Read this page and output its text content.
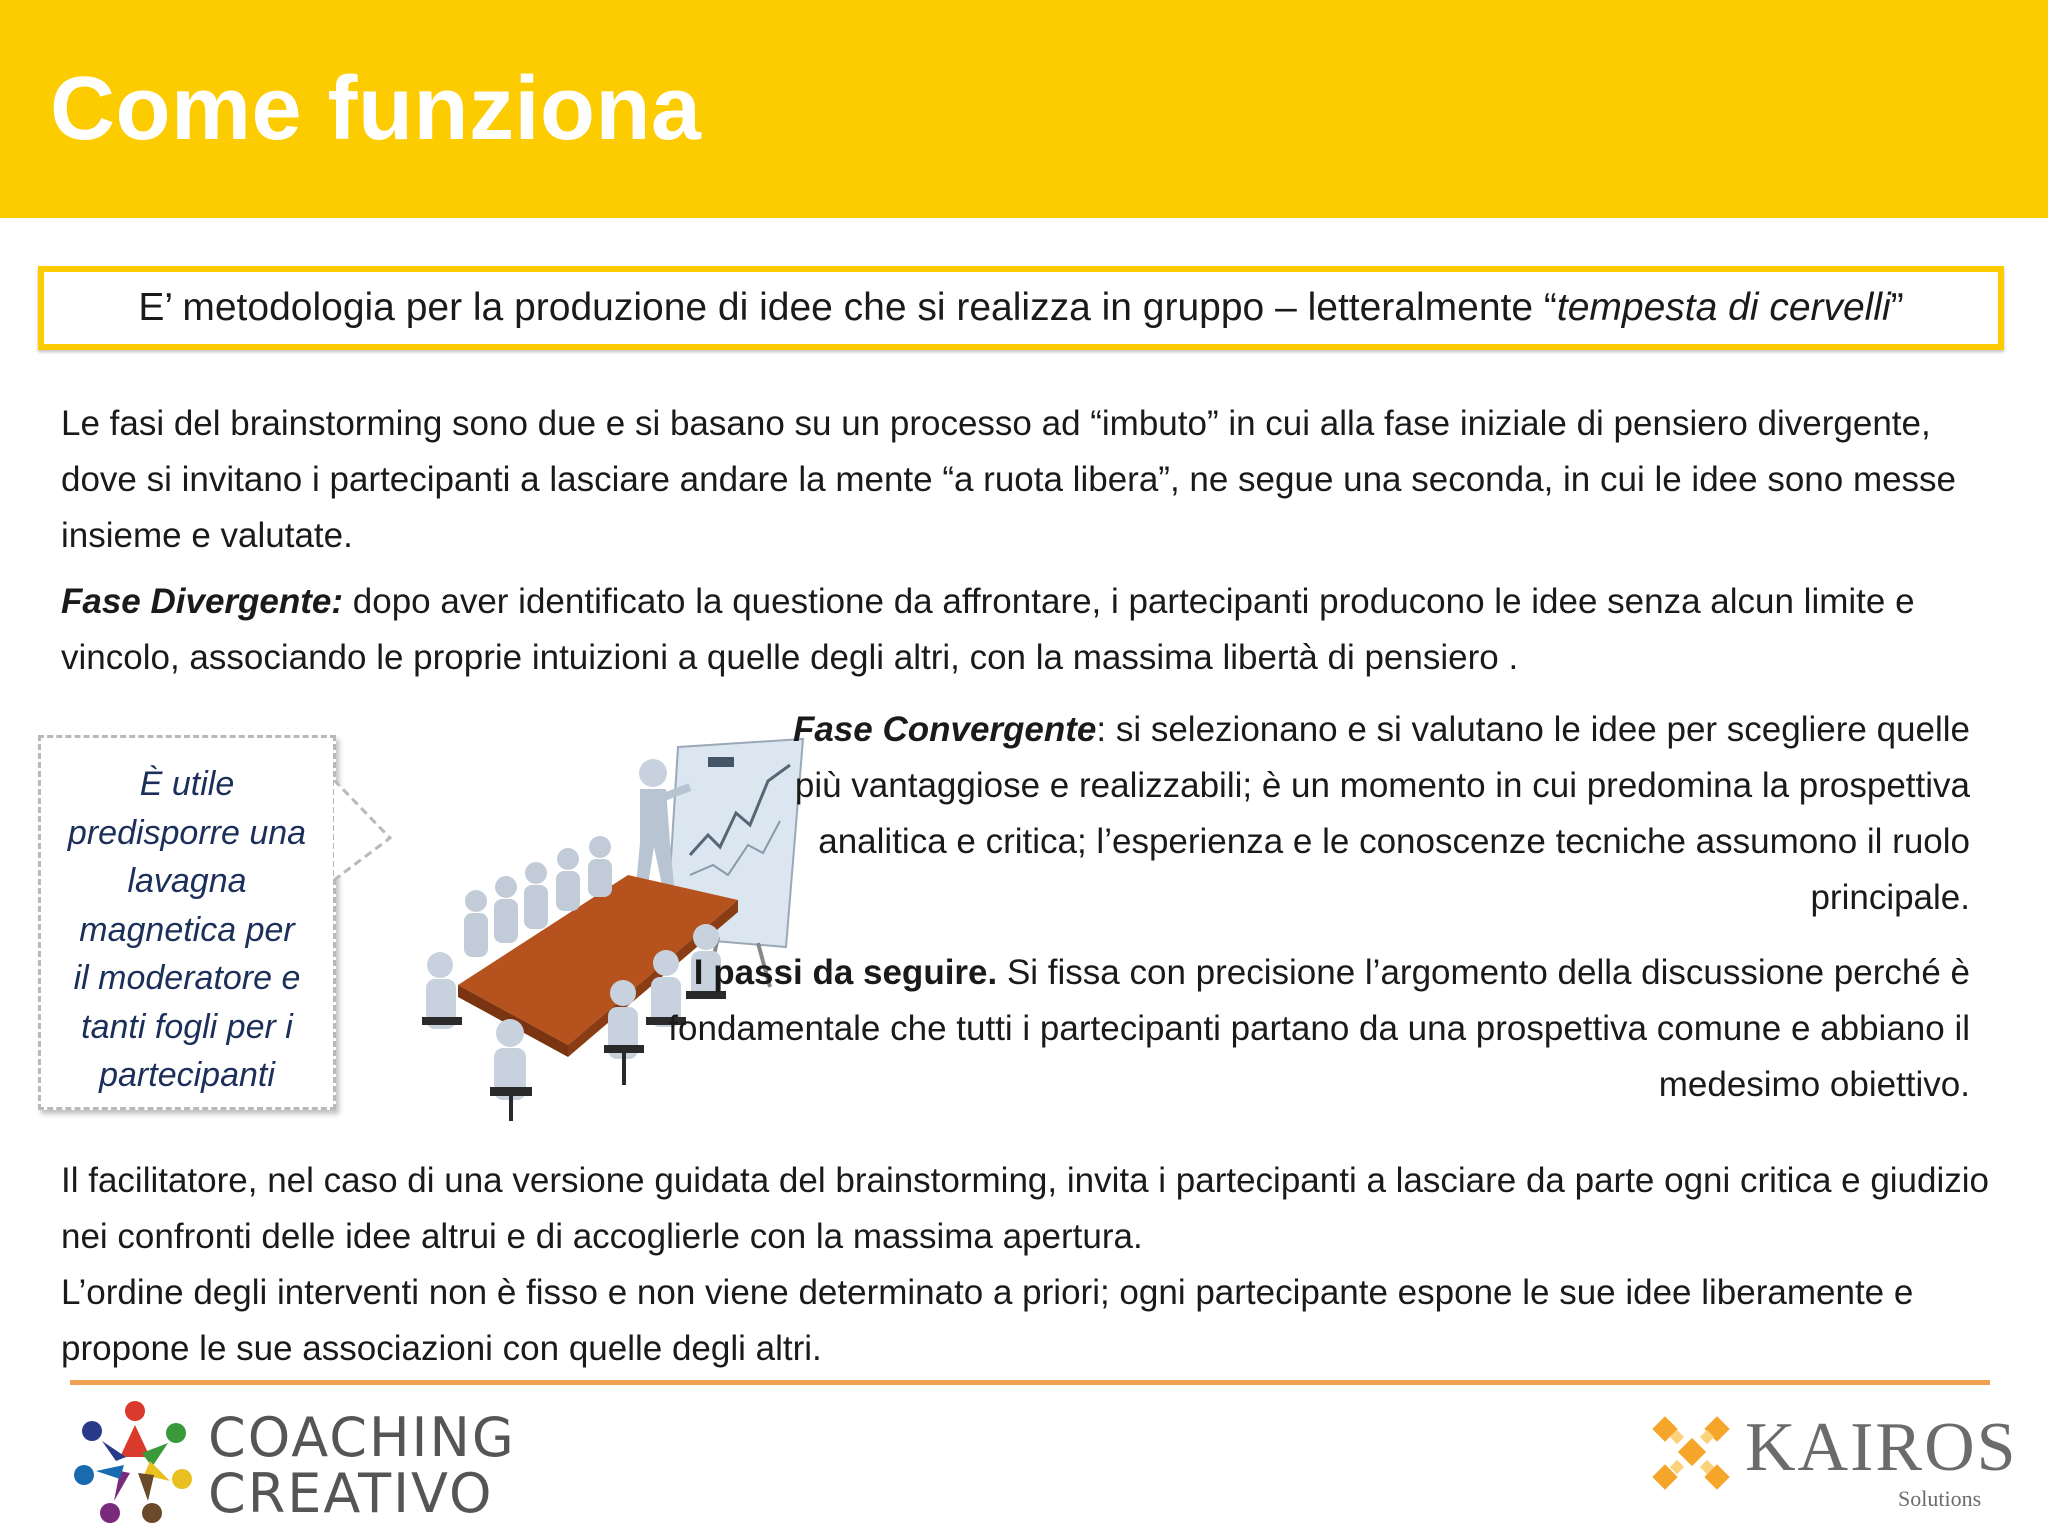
Come funziona
E’ metodologia per la produzione di idee che si realizza in gruppo – letteralmente “tempesta di cervelli”

Le fasi del brainstorming sono due e si basano su un processo ad “imbuto” in cui alla fase iniziale di pensiero divergente, dove si invitano i partecipanti a lasciare andare la mente “a ruota libera”, ne segue una seconda, in cui le idee sono messe insieme e valutate.

Fase Divergente: dopo aver identificato la questione da affrontare, i partecipanti producono le idee senza alcun limite e vincolo, associando le proprie intuizioni a quelle degli altri, con la massima libertà di pensiero .

È utile
predisporre una
lavagna
magnetica per
il moderatore e
tanti fogli per i
partecipanti

Fase Convergente: si selezionano e si valutano le idee per scegliere quelle più vantaggiose e realizzabili; è un momento in cui predomina la prospettiva analitica e critica; l’esperienza e le conoscenze tecniche assumono il ruolo principale.

I passi da seguire. Si fissa con precisione l’argomento della discussione perché è fondamentale che tutti i partecipanti partano da una prospettiva comune e abbiano il medesimo obiettivo.

Il facilitatore, nel caso di una versione guidata del brainstorming, invita i partecipanti a lasciare da parte ogni critica e giudizio nei confronti delle idee altrui e di accoglierle con la massima apertura.

L’ordine degli interventi non è fisso e non viene determinato a priori; ogni partecipante espone le sue idee liberamente e propone le sue associazioni con quelle degli altri.

COACHING
CREATIVO
KAIROS
Solutions
